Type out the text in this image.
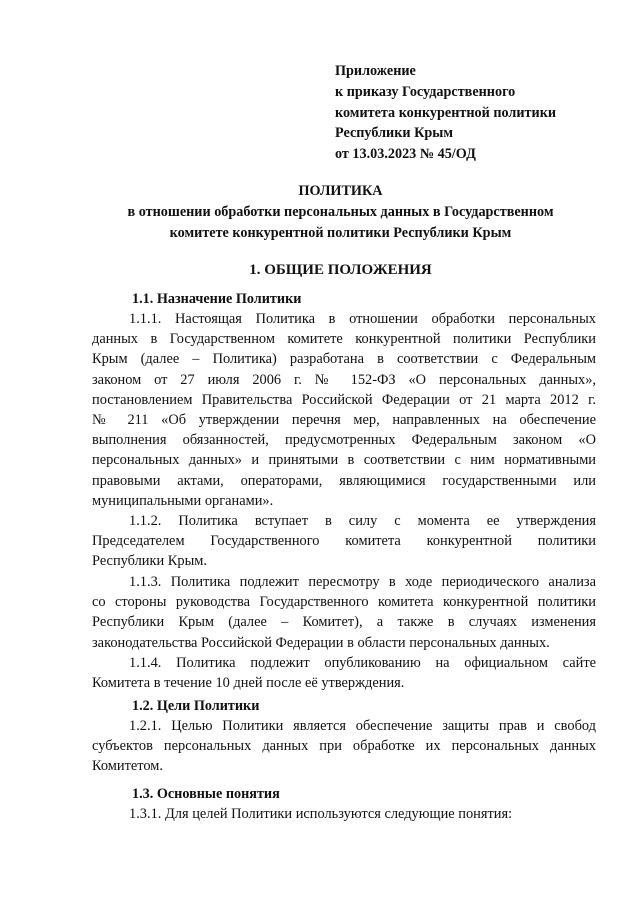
Приложение
к приказу Государственного
комитета конкурентной политики
Республики Крым
от 13.03.2023 № 45/ОД
ПОЛИТИКА
в отношении обработки персональных данных в Государственном
комитете конкурентной политики Республики Крым
1. ОБЩИЕ ПОЛОЖЕНИЯ
1.1. Назначение Политики
1.1.1. Настоящая Политика в отношении обработки персональных
данных в Государственном комитете конкурентной политики Республики
Крым (далее – Политика) разработана в соответствии с Федеральным
законом от 27 июля 2006 г. № 152-ФЗ «О персональных данных»,
постановлением Правительства Российской Федерации от 21 марта 2012 г.
№ 211 «Об утверждении перечня мер, направленных на обеспечение
выполнения обязанностей, предусмотренных Федеральным законом «О
персональных данных» и принятыми в соответствии с ним нормативными
правовыми актами, операторами, являющимися государственными или
муниципальными органами».
1.1.2. Политика вступает в силу с момента ее утверждения
Председателем Государственного комитета конкурентной политики
Республики Крым.
1.1.3. Политика подлежит пересмотру в ходе периодического анализа
со стороны руководства Государственного комитета конкурентной политики
Республики Крым (далее – Комитет), а также в случаях изменения
законодательства Российской Федерации в области персональных данных.
1.1.4. Политика подлежит опубликованию на официальном сайте
Комитета в течение 10 дней после её утверждения.
1.2. Цели Политики
1.2.1. Целью Политики является обеспечение защиты прав и свобод
субъектов персональных данных при обработке их персональных данных
Комитетом.
1.3. Основные понятия
1.3.1. Для целей Политики используются следующие понятия:
